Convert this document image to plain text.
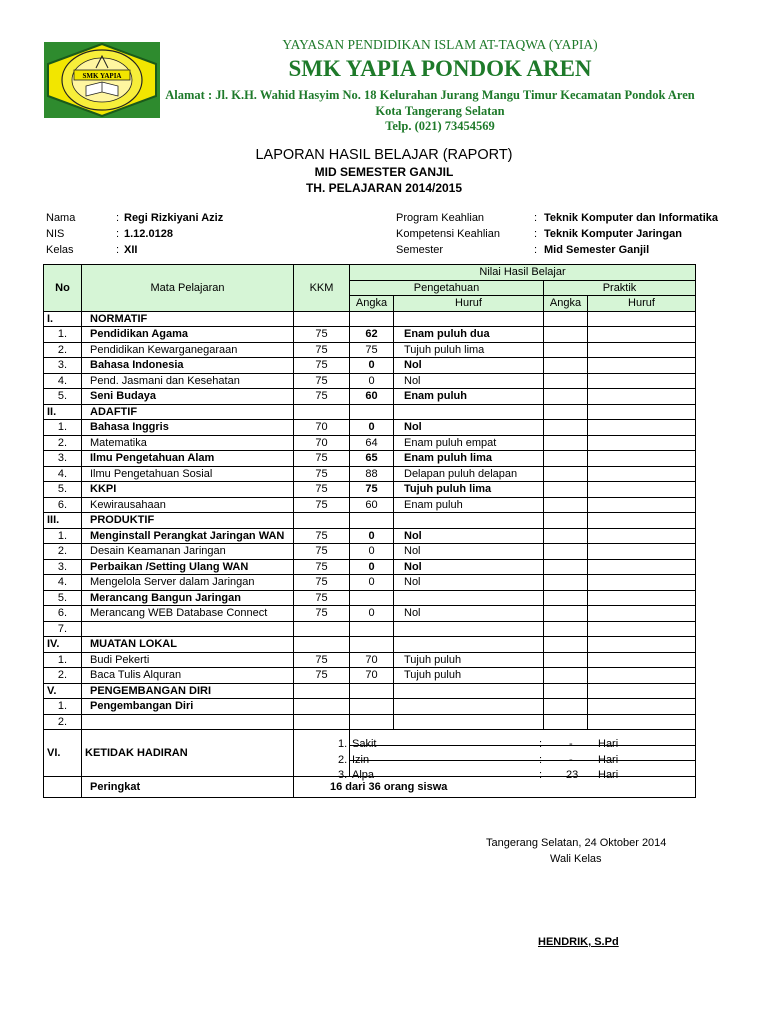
SMK YAPIA
YAYASAN PENDIDIKAN ISLAM AT-TAQWA (YAPIA)
SMK YAPIA PONDOK AREN
Alamat : Jl. K.H. Wahid Hasyim No. 18 Kelurahan Jurang Mangu Timur Kecamatan Pondok Aren
Kota Tangerang Selatan
Telp. (021) 73454569
LAPORAN HASIL BELAJAR (RAPORT)
MID SEMESTER GANJIL
TH. PELAJARAN 2014/2015
Nama	: Regi Rizkiyani Aziz
NIS	: 1.12.0128
Kelas	: XII
Program Keahlian	: Teknik Komputer dan Informatika
Kompetensi Keahlian	: Teknik Komputer Jaringan
Semester	: Mid Semester Ganjil
No	Mata Pelajaran	KKM	Nilai Hasil Belajar			
			Pengetahuan		Praktik	
			Angka	Huruf	Angka	Huruf
I.	NORMATIF					
1.	Pendidikan Agama	75	62	Enam puluh dua		
2.	Pendidikan Kewarganegaraan	75	75	Tujuh puluh lima		
3.	Bahasa Indonesia	75	0	Nol		
4.	Pend. Jasmani dan Kesehatan	75	0	Nol		
5.	Seni Budaya	75	60	Enam puluh		
II.	ADAFTIF					
1.	Bahasa Inggris	70	0	Nol		
2.	Matematika	70	64	Enam puluh empat		
3.	Ilmu Pengetahuan Alam	75	65	Enam puluh lima		
4.	Ilmu Pengetahuan Sosial	75	88	Delapan puluh delapan		
5.	KKPI	75	75	Tujuh puluh lima		
6.	Kewirausahaan	75	60	Enam puluh		
III.	PRODUKTIF					
1.	Menginstall Perangkat Jaringan WAN	75	0	Nol		
2.	Desain Keamanan Jaringan	75	0	Nol		
3.	Perbaikan /Setting Ulang WAN	75	0	Nol		
4.	Mengelola Server dalam Jaringan	75	0	Nol		
5.	Merancang Bangun Jaringan	75				
6.	Merancang WEB Database Connect	75	0	Nol		
7.						
IV.	MUATAN LOKAL					
1.	Budi Pekerti	75	70	Tujuh puluh		
2.	Baca Tulis Alquran	75	70	Tujuh puluh		
V.	PENGEMBANGAN DIRI					
1.	Pengembangan Diri					
2.						
VI.	KETIDAK HADIRAN		1. Sakit : - Hari			

			2. Izin : - Hari			

			3. Alpa : 23 Hari			

	Peringkat	16 dari 36 orang siswa				
Tangerang Selatan, 24 Oktober 2014
Wali Kelas
HENDRIK, S.Pd
